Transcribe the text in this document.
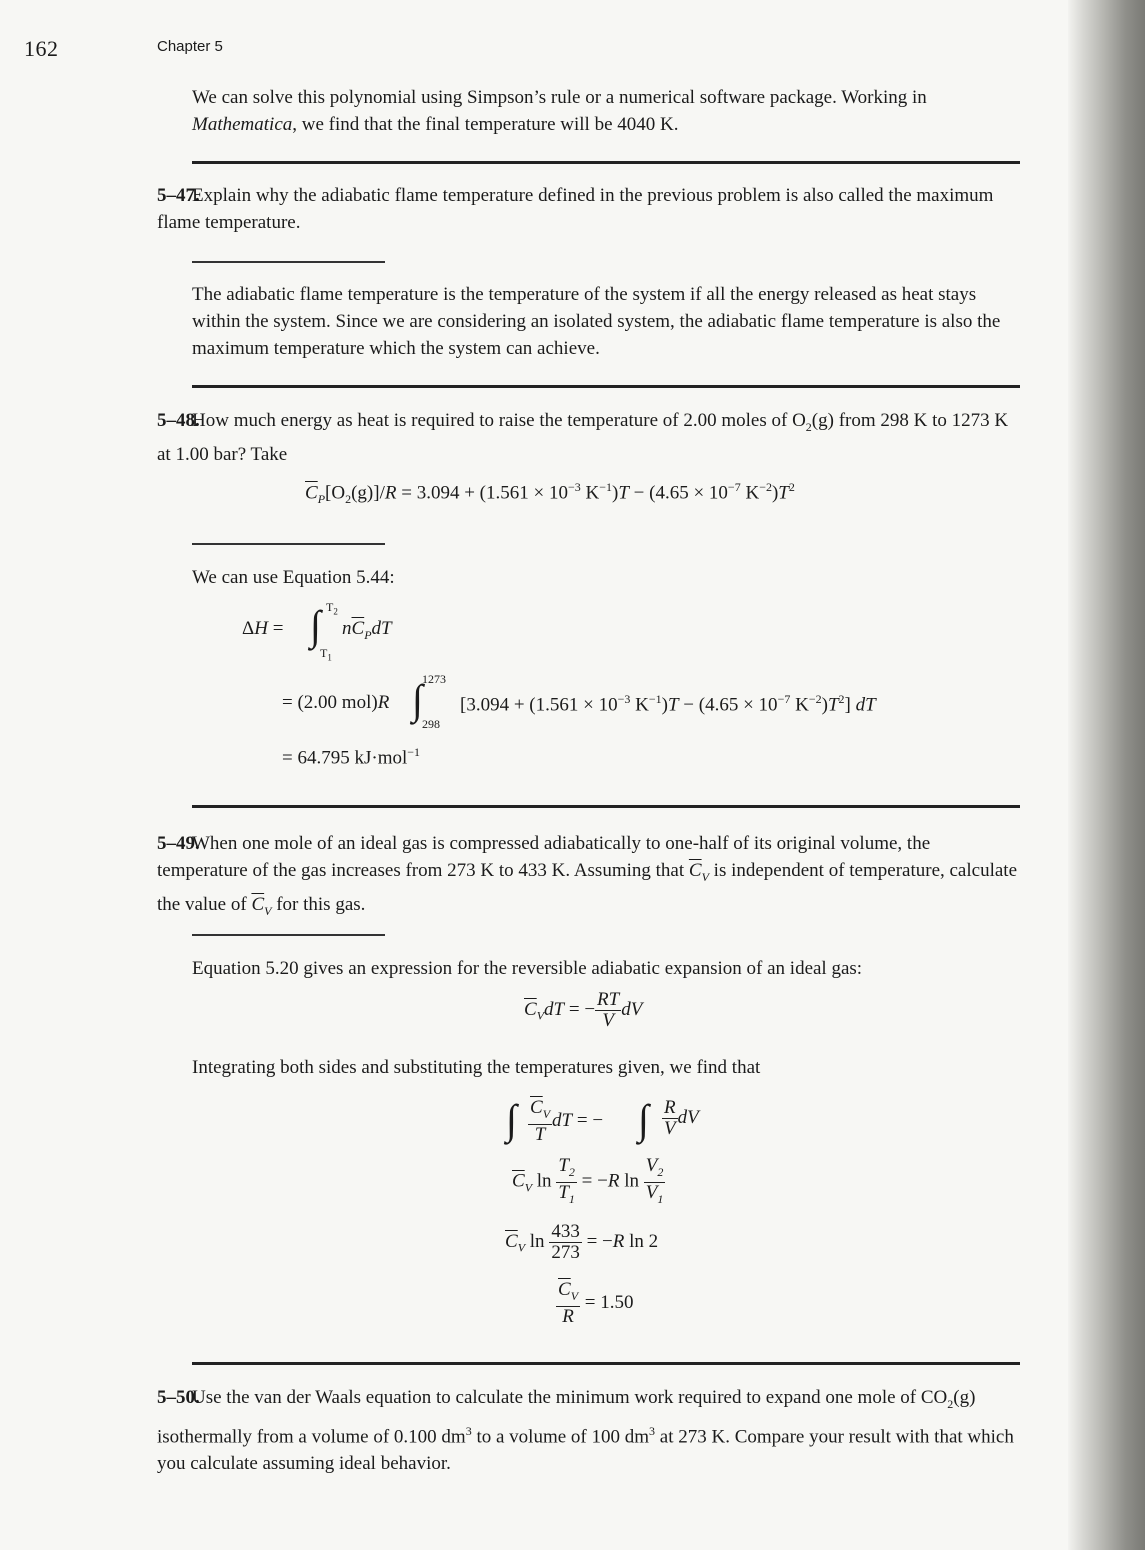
162	Chapter 5
We can solve this polynomial using Simpson’s rule or a numerical software package. Working in Mathematica, we find that the final temperature will be 4040 K.
5–47.Explain why the adiabatic flame temperature defined in the previous problem is also called the maximum flame temperature.
The adiabatic flame temperature is the temperature of the system if all the energy released as heat stays within the system. Since we are considering an isolated system, the adiabatic flame temperature is also the maximum temperature which the system can achieve.
5–48.How much energy as heat is required to raise the temperature of 2.00 moles of $O_2(g)$ from 298 K to 1273 K at 1.00 bar? Take
$\overline{C}_P[O_2(g)]/R = 3.094 + (1.561 \times 10^{-3}$ $K^{-1})T - (4.65 \times 10^{-7}$ $K^{-2})T^2$
We can use Equation 5.44:
ΔH = ∫ $T_2$
$T_1$
$n\overline{C}_PdT$
= (2.00 mol)R ∫ 1273
298
[$3.094 + (1.561 \times 10^{-3}$ $K^{-1})T - (4.65 \times 10^{-7}$ $K^{-2})T^2$] dT
= 64.795 kJ·mol$^{-1}$
5–49.When one mole of an ideal gas is compressed adiabatically to one-half of its original volume, the temperature of the gas increases from 273 K to 433 K. Assuming that $\overline{C}_V$ is independent of temperature, calculate the value of $\overline{C}_V$ for this gas.
Equation 5.20 gives an expression for the reversible adiabatic expansion of an ideal gas:
$\overline{C}_VdT$ = − $\frac{RT}{V}$ dV
Integrating both sides and substituting the temperatures given, we find that
∫ $\frac{\overline{C}_V}{T}$ dT = − ∫ $\frac{R}{V}$ dV
$\overline{C}_V$ $\ln \frac{T_2}{T_1} = -R$ $\ln \frac{V_2}{V_1}$
$\overline{C}_V$ $\ln \frac{433}{273} = -R$ ln 2
$\frac{\overline{C}_V}{R} = 1.50$
5–50.Use the van der Waals equation to calculate the minimum work required to expand one mole of $CO_2(g)$ isothermally from a volume of 0.100 $dm^3$ to a volume of 100 $dm^3$ at 273 K. Compare your result with that which you calculate assuming ideal behavior.
